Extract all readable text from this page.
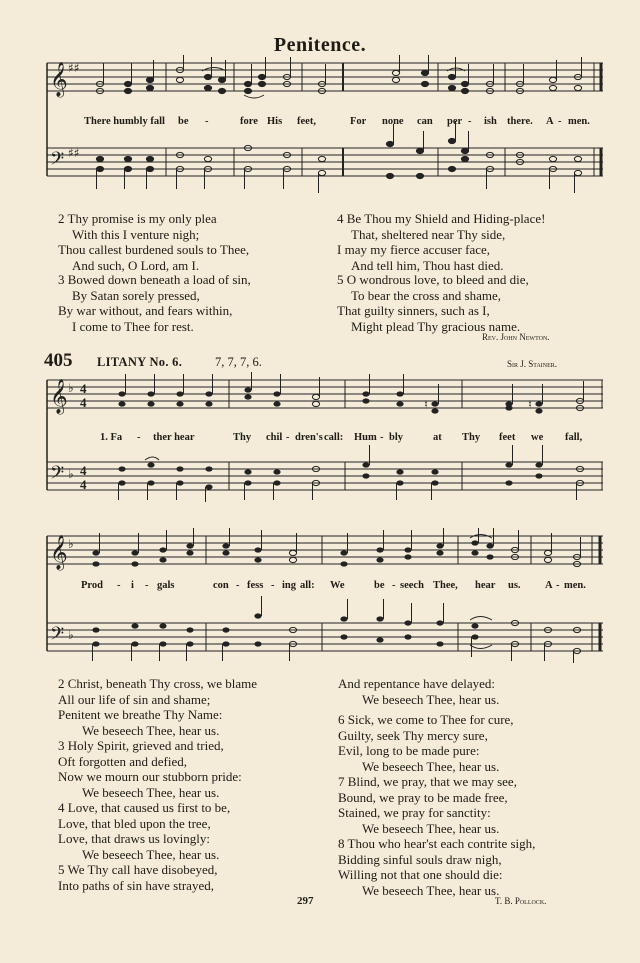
Penitence.
𝄞
𝄢
♯♯
♯♯
There humbly fall be -	fore His feet,	For none can per - ish there. A - men.
2 Thy promise is my only plea
With this I venture nigh;
Thou callest burdened souls to Thee,
And such, O Lord, am I.
3 Bowed down beneath a load of sin,
By Satan sorely pressed,
By war without, and fears within,
I come to Thee for rest.
4 Be Thou my Shield and Hiding-place!
That, sheltered near Thy side,
I may my fierce accuser face,
And tell him, Thou hast died.
5 O wondrous love, to bleed and die,
To bear the cross and shame,
That guilty sinners, such as I,
Might plead Thy gracious name.
Rev. John Newton.
405 LITANY No. 6.	7, 7, 7, 6.	Sir J. Stainer.
𝄞
𝄢
♭
♭
4
4
4
4
♮	♮
1. Fa - ther hear	Thy chil - dren's call: Hum - bly	at Thy feet we fall,
𝄞
𝄢
♭
♭
Prod - i - gals	con - fess - ing all: We	be - seech Thee, hear us. A - men.
2 Christ, beneath Thy cross, we blame
All our life of sin and shame;
Penitent we breathe Thy Name:
We beseech Thee, hear us.
3 Holy Spirit, grieved and tried,
Oft forgotten and defied,
Now we mourn our stubborn pride:
We beseech Thee, hear us.
4 Love, that caused us first to be,
Love, that bled upon the tree,
Love, that draws us lovingly:
We beseech Thee, hear us.
5 We Thy call have disobeyed,
Into paths of sin have strayed,
And repentance have delayed:
We beseech Thee, hear us.
6 Sick, we come to Thee for cure,
Guilty, seek Thy mercy sure,
Evil, long to be made pure:
We beseech Thee, hear us.
7 Blind, we pray, that we may see,
Bound, we pray to be made free,
Stained, we pray for sanctity:
We beseech Thee, hear us.
8 Thou who hear'st each contrite sigh,
Bidding sinful souls draw nigh,
Willing not that one should die:
We beseech Thee, hear us.
297	T. B. Pollock.
